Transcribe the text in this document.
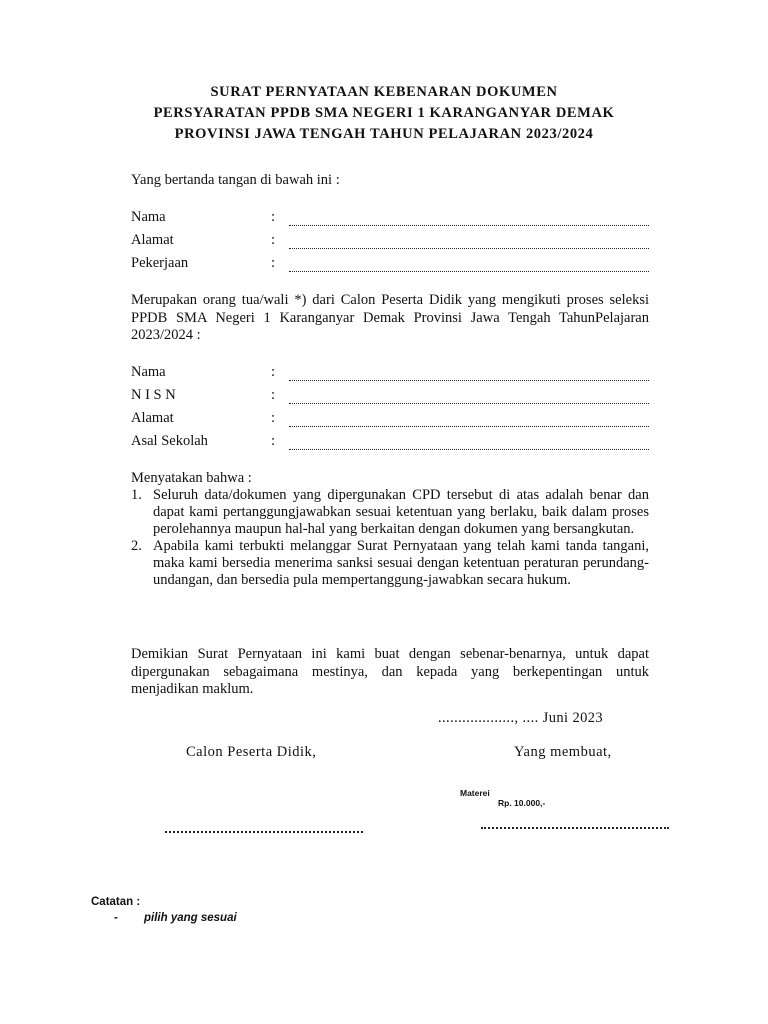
SURAT PERNYATAAN KEBENARAN DOKUMEN
PERSYARATAN PPDB SMA NEGERI 1 KARANGANYAR DEMAK
PROVINSI JAWA TENGAH TAHUN PELAJARAN 2023/2024
Yang bertanda tangan di bawah ini :
Nama	:
Alamat	:
Pekerjaan	:
Merupakan orang tua/wali *) dari Calon Peserta Didik yang mengikuti proses seleksi PPDB SMA Negeri 1 Karanganyar Demak Provinsi Jawa Tengah TahunPelajaran 2023/2024 :
Nama	:
N I S N	:
Alamat	:
Asal Sekolah	:
Menyatakan bahwa :
1. Seluruh data/dokumen yang dipergunakan CPD tersebut di atas adalah benar dan dapat kami pertanggungjawabkan sesuai ketentuan yang berlaku, baik dalam proses perolehannya maupun hal-hal yang berkaitan dengan dokumen yang bersangkutan.
2. Apabila kami terbukti melanggar Surat Pernyataan yang telah kami tanda tangani, maka kami bersedia menerima sanksi sesuai dengan ketentuan peraturan perundang-undangan, dan bersedia pula mempertanggung-jawabkan secara hukum.
Demikian Surat Pernyataan ini kami buat dengan sebenar-benarnya, untuk dapat dipergunakan sebagaimana mestinya, dan kepada yang berkepentingan untuk menjadikan maklum.
..................., .... Juni 2023
Calon Peserta Didik,	Yang membuat,
Materei
Rp. 10.000,-
Catatan :
-	pilih yang sesuai
